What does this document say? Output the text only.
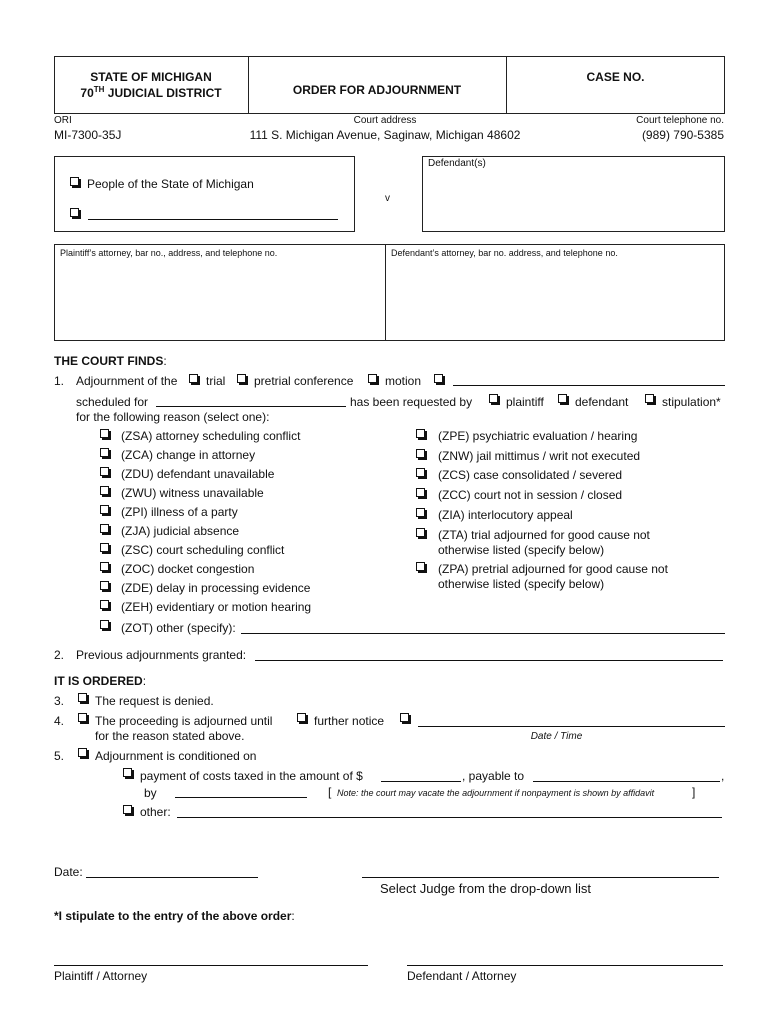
STATE OF MICHIGAN
70TH JUDICIAL DISTRICT	ORDER FOR ADJOURNMENT
CASE NO.
ORI
MI-7300-35J
Court address
111 S. Michigan Avenue, Saginaw, Michigan 48602
Court telephone no.
(989) 790-5385
People of the State of Michigan
v
Defendant(s)
Plaintiff’s attorney, bar no., address, and telephone no.	Defendant’s attorney, bar no. address, and telephone no.
THE COURT FINDS:
1. Adjournment of the trial pretrial conference	motion
scheduled for	has been requested by	plaintiff	defendant	stipulation*
for the following reason (select one):
(ZSA) attorney scheduling conflict
(ZCA) change in attorney
(ZDU) defendant unavailable
(ZWU) witness unavailable
(ZPI) illness of a party
(ZJA) judicial absence
(ZSC) court scheduling conflict
(ZOC) docket congestion
(ZDE) delay in processing evidence
(ZEH) evidentiary or motion hearing
(ZOT) other (specify):
(ZPE) psychiatric evaluation / hearing
(ZNW) jail mittimus / writ not executed
(ZCS) case consolidated / severed
(ZCC) court not in session / closed
(ZIA) interlocutory appeal
(ZTA) trial adjourned for good cause not
otherwise listed (specify below)
(ZPA) pretrial adjourned for good cause not
otherwise listed (specify below)
2. Previous adjournments granted:
IT IS ORDERED:
3.	The request is denied.
4.	The proceeding is adjourned until	further notice
for the reason stated above.	Date / Time
5.	Adjournment is conditioned on
payment of costs taxed in the amount of $	, payable to	,
by	[ Note: the court may vacate the adjournment if nonpayment is shown by affidavit	]
other:
Date:
Select Judge from the drop-down list
*I stipulate to the entry of the above order:
Plaintiff / Attorney	Defendant / Attorney
